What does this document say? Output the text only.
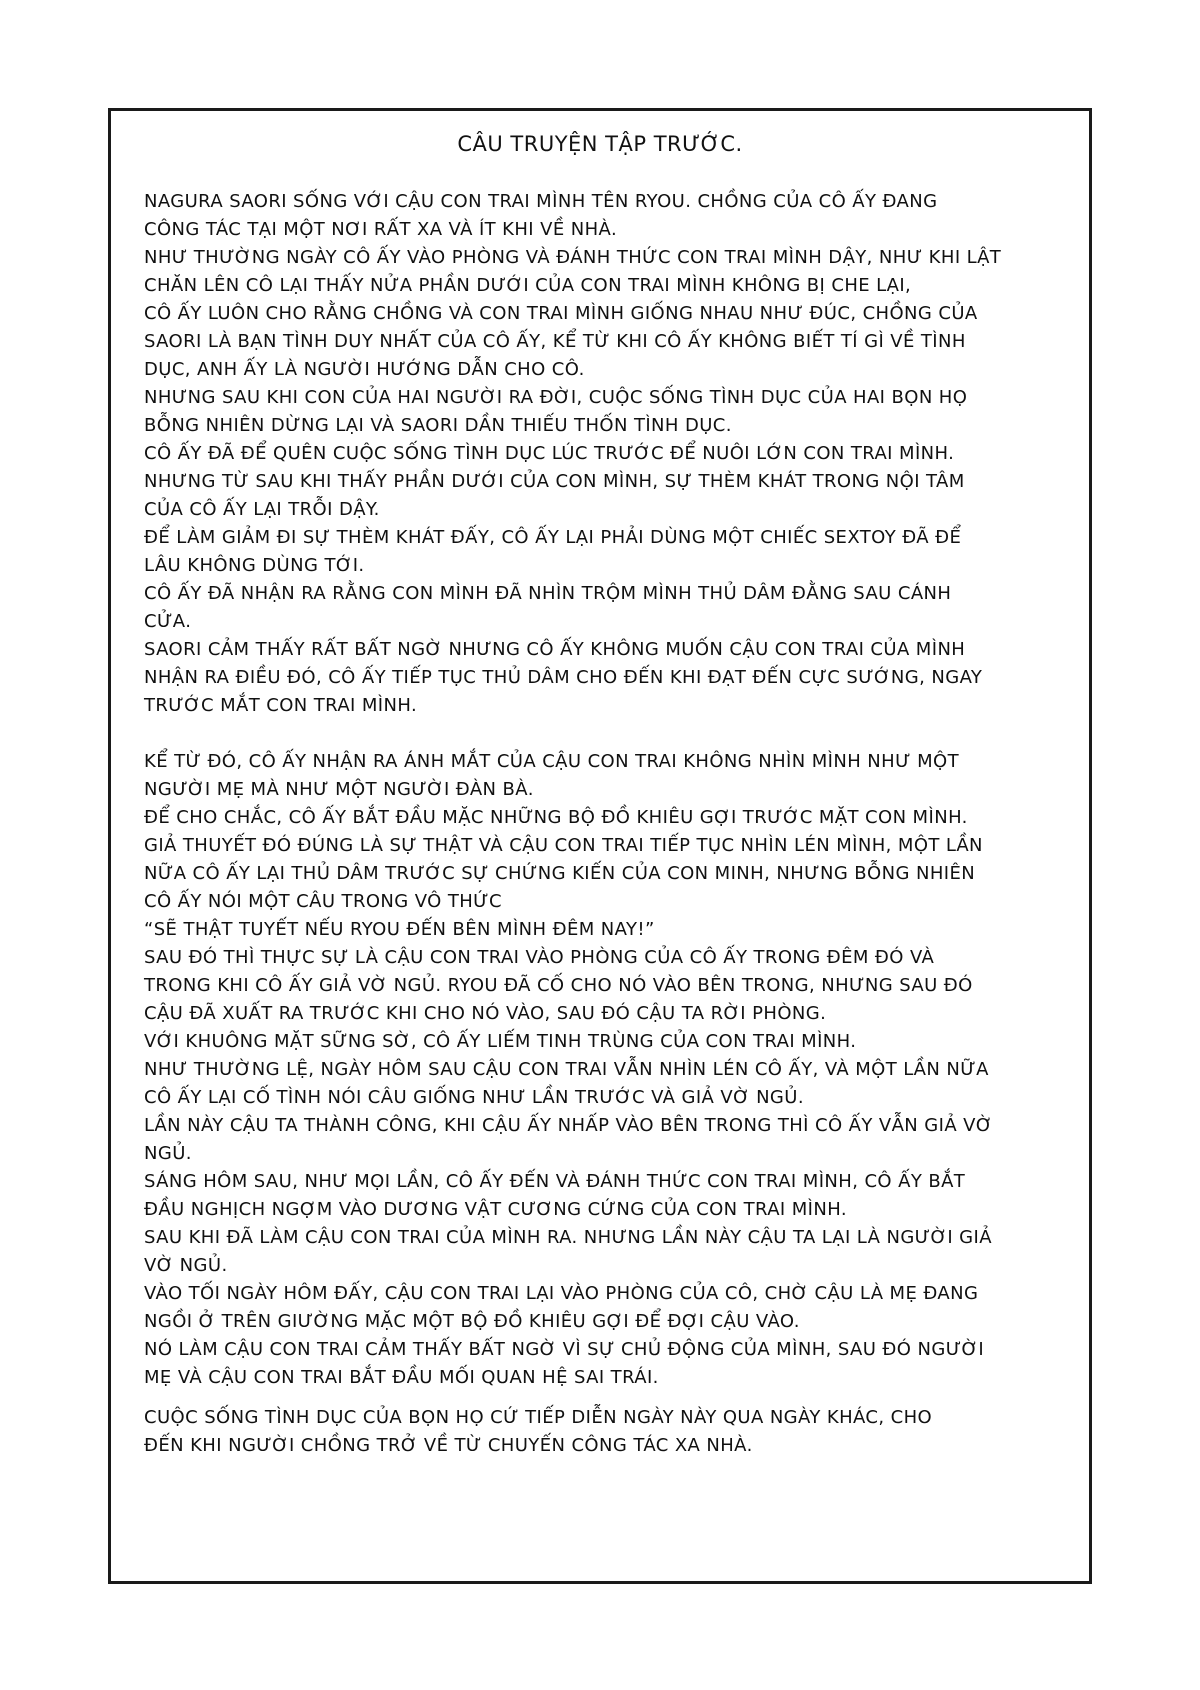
CÂU TRUYỆN TẬP TRƯỚC.

NAGURA SAORI SỐNG VỚI CẬU CON TRAI MÌNH TÊN RYOU. CHỒNG CỦA CÔ ẤY ĐANG
CÔNG TÁC TẠI MỘT NƠI RẤT XA VÀ ÍT KHI VỀ NHÀ.
NHƯ THƯỜNG NGÀY CÔ ẤY VÀO PHÒNG VÀ ĐÁNH THỨC CON TRAI MÌNH DẬY, NHƯ KHI LẬT
CHĂN LÊN CÔ LẠI THẤY NỬA PHẦN DƯỚI CỦA CON TRAI MÌNH KHÔNG BỊ CHE LẠI,
CÔ ẤY LUÔN CHO RẰNG CHỒNG VÀ CON TRAI MÌNH GIỐNG NHAU NHƯ ĐÚC, CHỒNG CỦA
SAORI LÀ BẠN TÌNH DUY NHẤT CỦA CÔ ẤY, KỂ TỪ KHI CÔ ẤY KHÔNG BIẾT TÍ GÌ VỀ TÌNH
DỤC, ANH ẤY LÀ NGƯỜI HƯỚNG DẪN CHO CÔ.
NHƯNG SAU KHI CON CỦA HAI NGƯỜI RA ĐỜI, CUỘC SỐNG TÌNH DỤC CỦA HAI BỌN HỌ
BỖNG NHIÊN DỪNG LẠI VÀ SAORI DẦN THIẾU THỐN TÌNH DỤC.
CÔ ẤY ĐÃ ĐỂ QUÊN CUỘC SỐNG TÌNH DỤC LÚC TRƯỚC ĐỂ NUÔI LỚN CON TRAI MÌNH.
NHƯNG TỪ SAU KHI THẤY PHẦN DƯỚI CỦA CON MÌNH, SỰ THÈM KHÁT TRONG NỘI TÂM
CỦA CÔ ẤY LẠI TRỖI DẬY.
ĐỂ LÀM GIẢM ĐI SỰ THÈM KHÁT ĐẤY, CÔ ẤY LẠI PHẢI DÙNG MỘT CHIẾC SEXTOY ĐÃ ĐỂ
LÂU KHÔNG DÙNG TỚI.
CÔ ẤY ĐÃ NHẬN RA RẰNG CON MÌNH ĐÃ NHÌN TRỘM MÌNH THỦ DÂM ĐẰNG SAU CÁNH
CỬA.
SAORI CẢM THẤY RẤT BẤT NGỜ NHƯNG CÔ ẤY KHÔNG MUỐN CẬU CON TRAI CỦA MÌNH
NHẬN RA ĐIỀU ĐÓ, CÔ ẤY TIẾP TỤC THỦ DÂM CHO ĐẾN KHI ĐẠT ĐẾN CỰC SƯỚNG, NGAY
TRƯỚC MẮT CON TRAI MÌNH.

KỂ TỪ ĐÓ, CÔ ẤY NHẬN RA ÁNH MẮT CỦA CẬU CON TRAI KHÔNG NHÌN MÌNH NHƯ MỘT
NGƯỜI MẸ MÀ NHƯ MỘT NGƯỜI ĐÀN BÀ.
ĐỂ CHO CHẮC, CÔ ẤY BẮT ĐẦU MẶC NHỮNG BỘ ĐỒ KHIÊU GỢI TRƯỚC MẶT CON MÌNH.
GIẢ THUYẾT ĐÓ ĐÚNG LÀ SỰ THẬT VÀ CẬU CON TRAI TIẾP TỤC NHÌN LÉN MÌNH, MỘT LẦN
NỮA CÔ ẤY LẠI THỦ DÂM TRƯỚC SỰ CHỨNG KIẾN CỦA CON MINH, NHƯNG BỖNG NHIÊN
CÔ ẤY NÓI MỘT CÂU TRONG VÔ THỨC
“SẼ THẬT TUYẾT NẾU RYOU ĐẾN BÊN MÌNH ĐÊM NAY!”
SAU ĐÓ THÌ THỰC SỰ LÀ CẬU CON TRAI VÀO PHÒNG CỦA CÔ ẤY TRONG ĐÊM ĐÓ VÀ
TRONG KHI CÔ ẤY GIẢ VỜ NGỦ. RYOU ĐÃ CỐ CHO NÓ VÀO BÊN TRONG, NHƯNG SAU ĐÓ
CẬU ĐÃ XUẤT RA TRƯỚC KHI CHO NÓ VÀO, SAU ĐÓ CẬU TA RỜI PHÒNG.
VỚI KHUÔNG MẶT SỮNG SỜ, CÔ ẤY LIẾM TINH TRÙNG CỦA CON TRAI MÌNH.
NHƯ THƯỜNG LỆ, NGÀY HÔM SAU CẬU CON TRAI VẪN NHÌN LÉN CÔ ẤY, VÀ MỘT LẦN NỮA
CÔ ẤY LẠI CỐ TÌNH NÓI CÂU GIỐNG NHƯ LẦN TRƯỚC VÀ GIẢ VỜ NGỦ.
LẦN NÀY CẬU TA THÀNH CÔNG, KHI CẬU ẤY NHẤP VÀO BÊN TRONG THÌ CÔ ẤY VẪN GIẢ VỜ
NGỦ.
SÁNG HÔM SAU, NHƯ MỌI LẦN, CÔ ẤY ĐẾN VÀ ĐÁNH THỨC CON TRAI MÌNH, CÔ ẤY BẮT
ĐẦU NGHỊCH NGỢM VÀO DƯƠNG VẬT CƯƠNG CỨNG CỦA CON TRAI MÌNH.
SAU KHI ĐÃ LÀM CẬU CON TRAI CỦA MÌNH RA. NHƯNG LẦN NÀY CẬU TA LẠI LÀ NGƯỜI GIẢ
VỜ NGỦ.
VÀO TỐI NGÀY HÔM ĐẤY, CẬU CON TRAI LẠI VÀO PHÒNG CỦA CÔ, CHỜ CẬU LÀ MẸ ĐANG
NGỒI Ở TRÊN GIƯỜNG MẶC MỘT BỘ ĐỒ KHIÊU GỢI ĐỂ ĐỢI CẬU VÀO.
NÓ LÀM CẬU CON TRAI CẢM THẤY BẤT NGỜ VÌ SỰ CHỦ ĐỘNG CỦA MÌNH, SAU ĐÓ NGƯỜI
MẸ VÀ CẬU CON TRAI BẮT ĐẦU MỐI QUAN HỆ SAI TRÁI.

CUỘC SỐNG TÌNH DỤC CỦA BỌN HỌ CỨ TIẾP DIỄN NGÀY NÀY QUA NGÀY KHÁC, CHO
ĐẾN KHI NGƯỜI CHỒNG TRỞ VỀ TỪ CHUYẾN CÔNG TÁC XA NHÀ.
